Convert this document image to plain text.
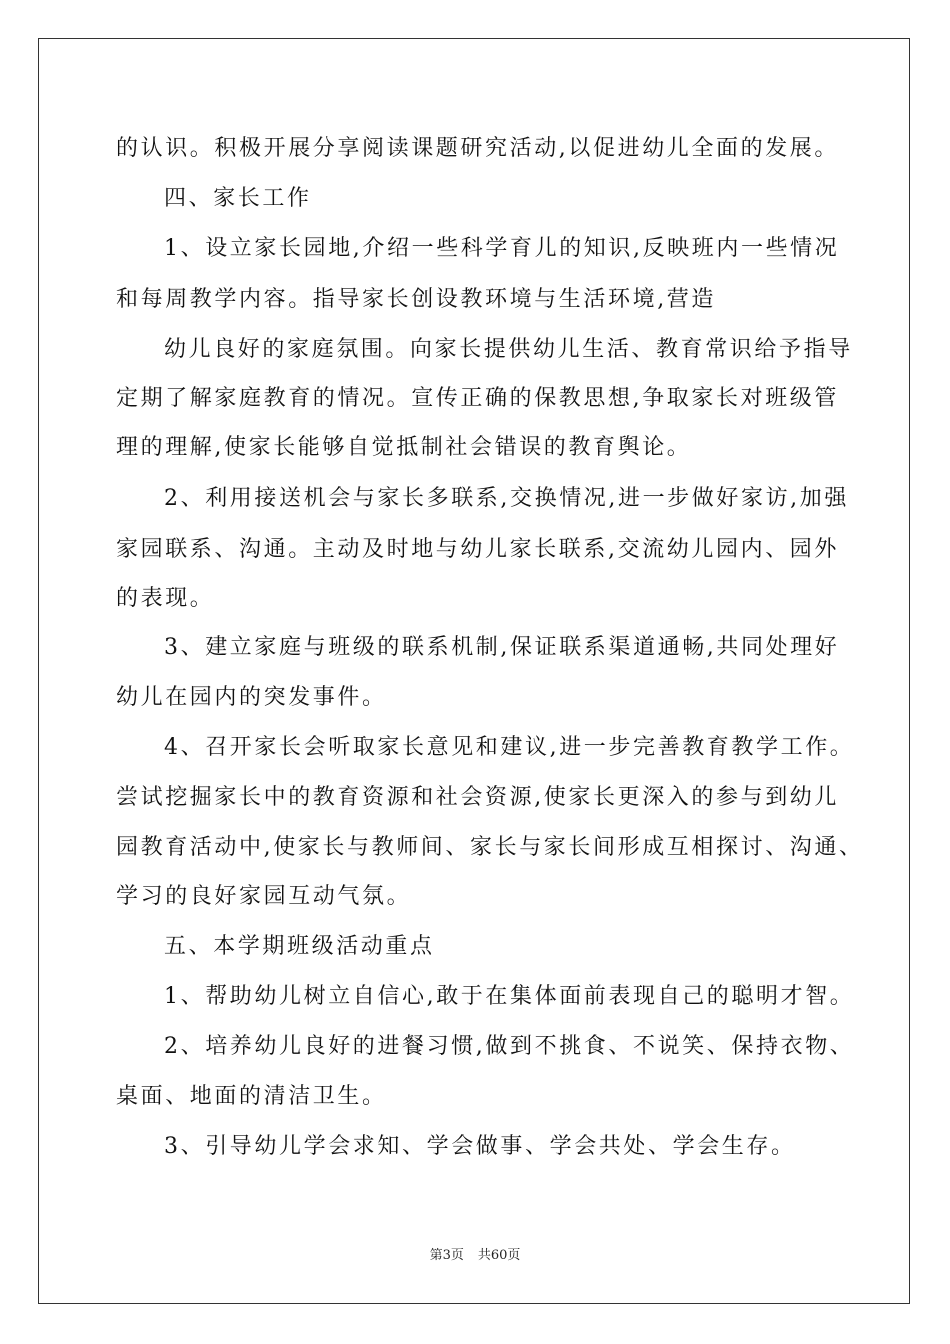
的认识。积极开展分享阅读课题研究活动,以促进幼儿全面的发展。
四、家长工作
1、设立家长园地,介绍一些科学育儿的知识,反映班内一些情况
和每周教学内容。指导家长创设教环境与生活环境,营造
幼儿良好的家庭氛围。向家长提供幼儿生活、教育常识给予指导
定期了解家庭教育的情况。宣传正确的保教思想,争取家长对班级管
理的理解,使家长能够自觉抵制社会错误的教育舆论。
2、利用接送机会与家长多联系,交换情况,进一步做好家访,加强
家园联系、沟通。主动及时地与幼儿家长联系,交流幼儿园内、园外
的表现。
3、建立家庭与班级的联系机制,保证联系渠道通畅,共同处理好
幼儿在园内的突发事件。
4、召开家长会听取家长意见和建议,进一步完善教育教学工作。
尝试挖掘家长中的教育资源和社会资源,使家长更深入的参与到幼儿
园教育活动中,使家长与教师间、家长与家长间形成互相探讨、沟通、
学习的良好家园互动气氛。
五、本学期班级活动重点
1、帮助幼儿树立自信心,敢于在集体面前表现自己的聪明才智。
2、培养幼儿良好的进餐习惯,做到不挑食、不说笑、保持衣物、
桌面、地面的清洁卫生。
3、引导幼儿学会求知、学会做事、学会共处、学会生存。
第3页 共60页
